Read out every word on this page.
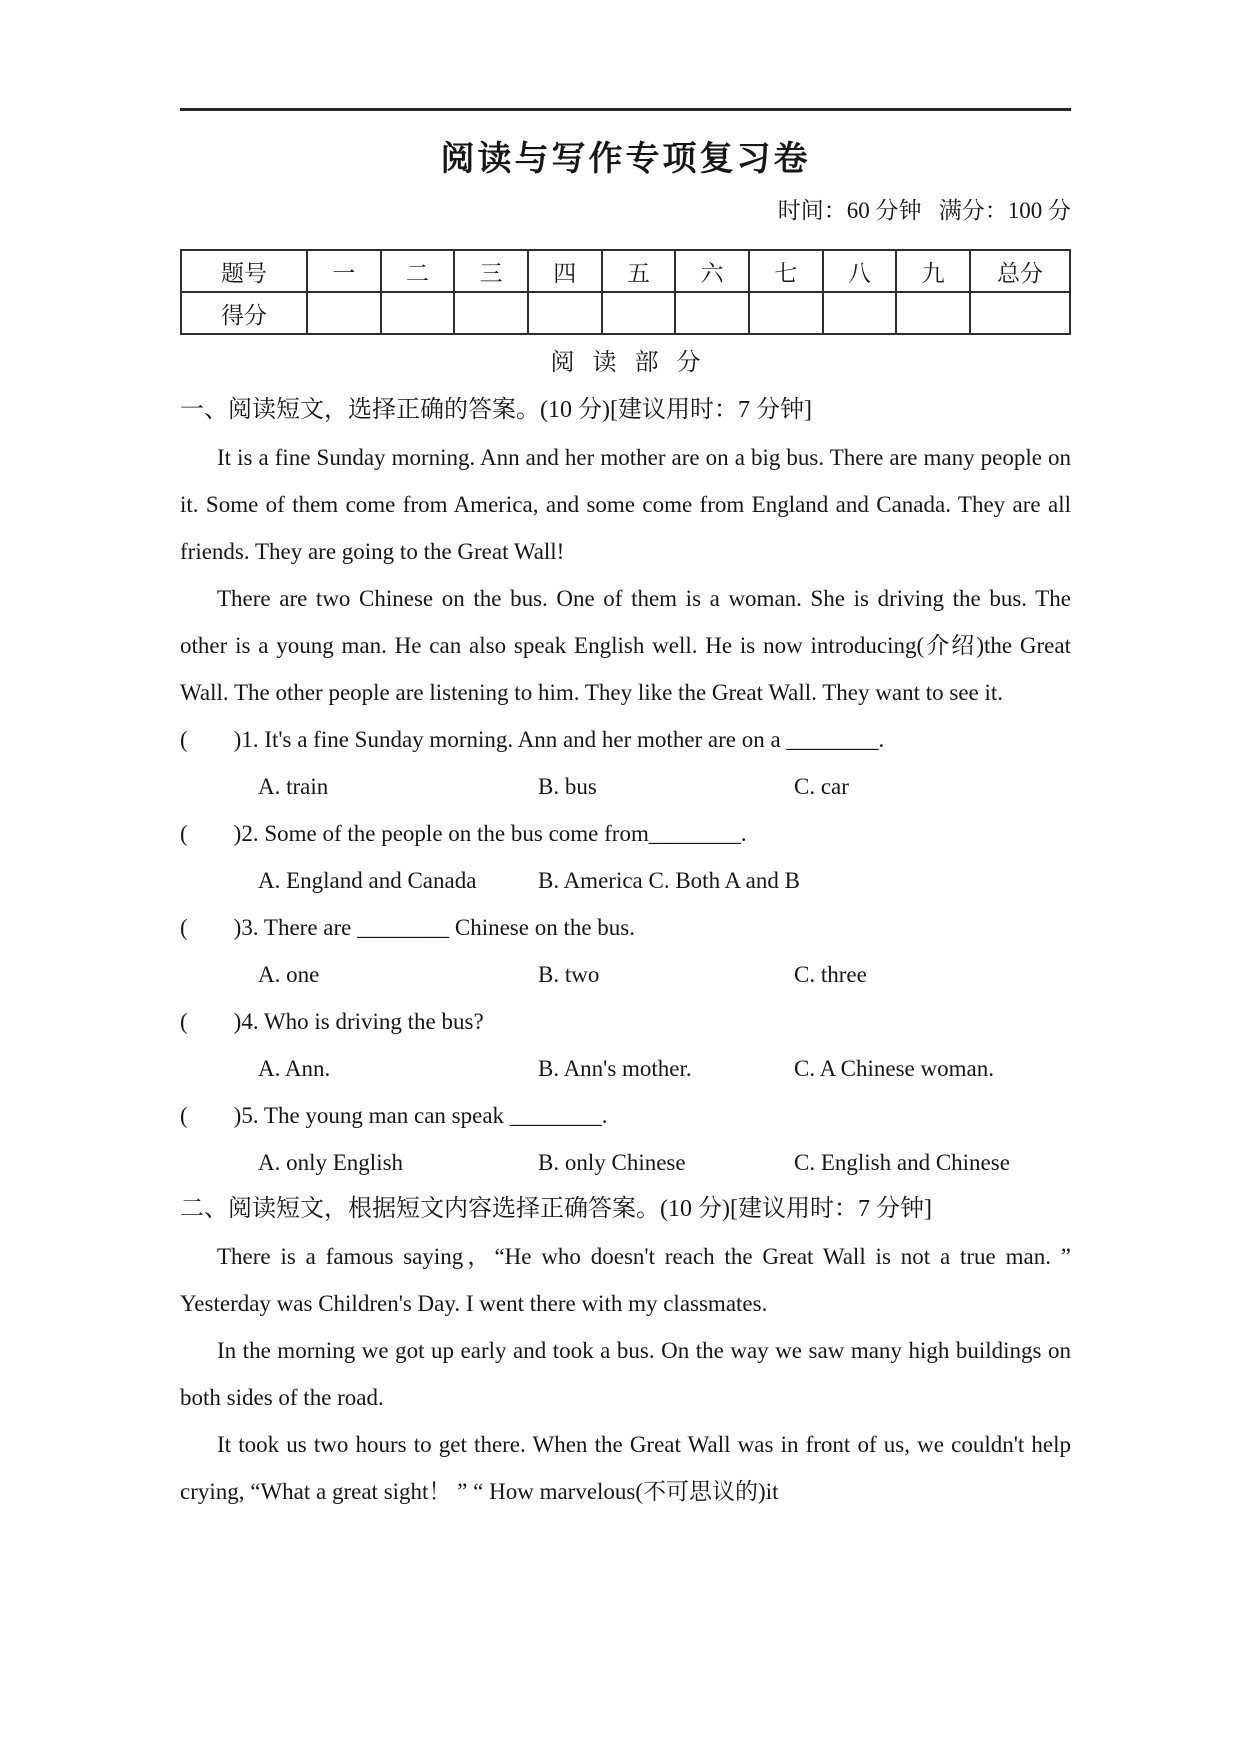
阅读与写作专项复习卷
时间：60 分钟   满分：100 分
题号	一	二	三	四	五	六	七	八	九	总分
得分										
阅 读 部 分
一、阅读短文，选择正确的答案。(10 分)[建议用时：7 分钟]

It is a fine Sunday morning. Ann and her mother are on a big bus. There are many people on it. Some of them come from America, and some come from England and Canada. They are all friends. They are going to the Great Wall!

There are two Chinese on the bus. One of them is a woman. She is driving the bus. The other is a young man. He can also speak English well. He is now introducing(介绍)the Great Wall. The other people are listening to him. They like the Great Wall. They want to see it.

(        )1. It's a fine Sunday morning. Ann and her mother are on a ________.
A. train	B. bus	C. car
(        )2. Some of the people on the bus come from________.
A. England and Canada	B. America C. Both A and B
(        )3. There are ________ Chinese on the bus.
A. one	B. two	C. three
(        )4. Who is driving the bus?
A. Ann.	B. Ann's mother.	C. A Chinese woman.
(        )5. The young man can speak ________.
A. only English	B. only Chinese	C. English and Chinese
二、阅读短文，根据短文内容选择正确答案。(10 分)[建议用时：7 分钟]

There is a famous saying，“He who doesn't reach the Great Wall is not a true man. ” Yesterday was Children's Day. I went there with my classmates.

In the morning we got up early and took a bus. On the way we saw many high buildings on both sides of the road.

It took us two hours to get there. When the Great Wall was in front of us, we couldn't help crying, “What a great sight！ ” “ How marvelous(不可思议的)it
